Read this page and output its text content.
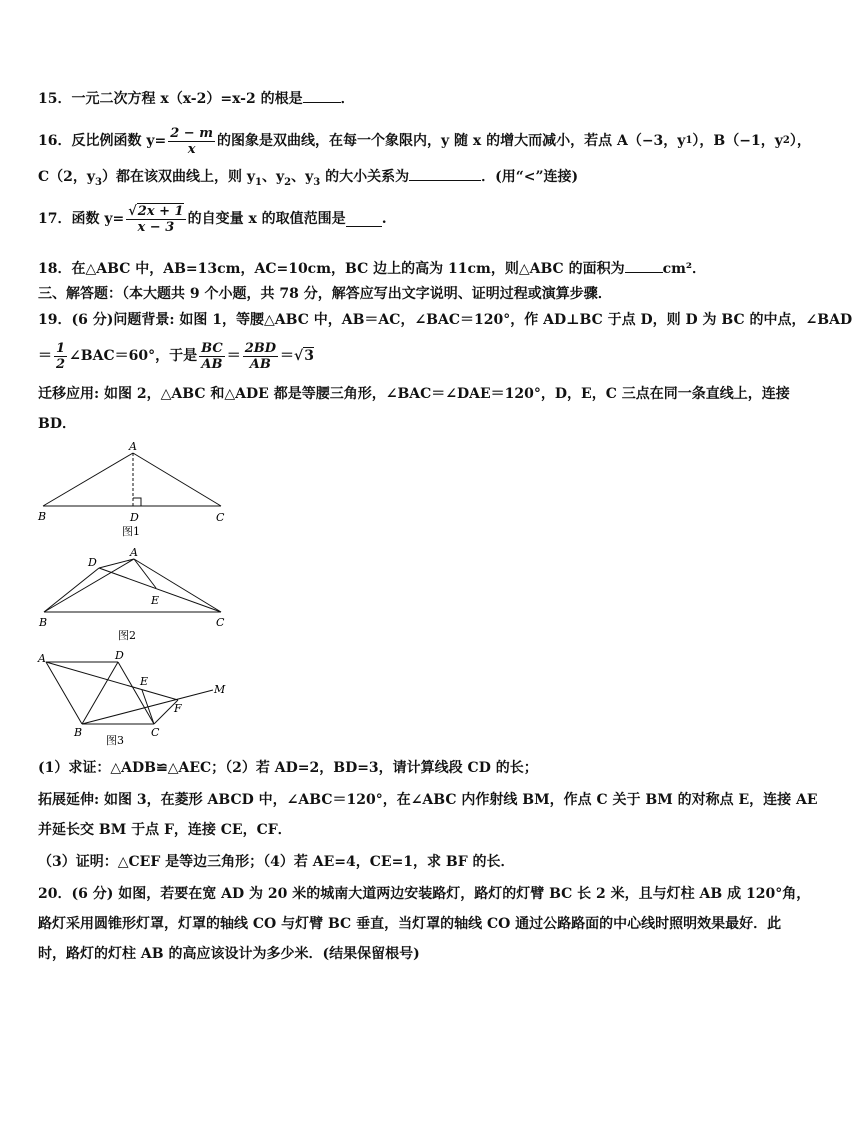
15．一元二次方程 x（x-2）=x-2 的根是	．
16．反比例函数 $y= \frac{2 - m}{x}$ 的图象是双曲线，在每一个象限内，y 随 x 的增大而减小，若点 A（−3，y 1 ），B（−1，y 2 ），
C（2，$y_3$）都在该双曲线上，则 $y_1$、$y_2$、$y_3$ 的大小关系为	．(用“<”连接)
17．函数 $y= \frac{√2x + 1}{x - 3}$ 的自变量 x 的取值范围是	.
18．在△ABC 中，AB=13cm，AC=10cm，BC 边上的高为 11cm，则△ABC 的面积为	cm²．
三、解答题：（本大题共 9 个小题，共 78 分，解答应写出文字说明、证明过程或演算步骤．
19．(6 分)问题背景: 如图 1，等腰△ABC 中，AB＝AC，∠BAC＝120°，作 AD⊥BC 于点 D，则 D 为 BC 的中点，∠BAD
＝ $\frac{1}{2}$ ∠BAC＝60°，于是 $\frac{BC}{AB} = \frac{2BD}{AB} = √3$
迁移应用: 如图 2，△ABC 和△ADE 都是等腰三角形，∠BAC＝∠DAE＝120°，D，E，C 三点在同一条直线上，连接
BD．
A
B	D	C
图1
A
D
E
B	C
图2
A	D
E
F
M
B	C
图3
(1）求证：△ADB≌△AEC；（2）若 AD=2，BD=3，请计算线段 CD 的长；
拓展延伸: 如图 3，在菱形 ABCD 中，∠ABC＝120°，在∠ABC 内作射线 BM，作点 C 关于 BM 的对称点 E，连接 AE
并延长交 BM 于点 F，连接 CE，CF．
（3）证明：△CEF 是等边三角形；（4）若 AE=4，CE=1，求 BF 的长．
20．(6 分) 如图，若要在宽 AD 为 20 米的城南大道两边安装路灯，路灯的灯臂 BC 长 2 米，且与灯柱 AB 成 120°角，
路灯采用圆锥形灯罩，灯罩的轴线 CO 与灯臂 BC 垂直，当灯罩的轴线 CO 通过公路路面的中心线时照明效果最好．此
时，路灯的灯柱 AB 的高应该设计为多少米．(结果保留根号)
